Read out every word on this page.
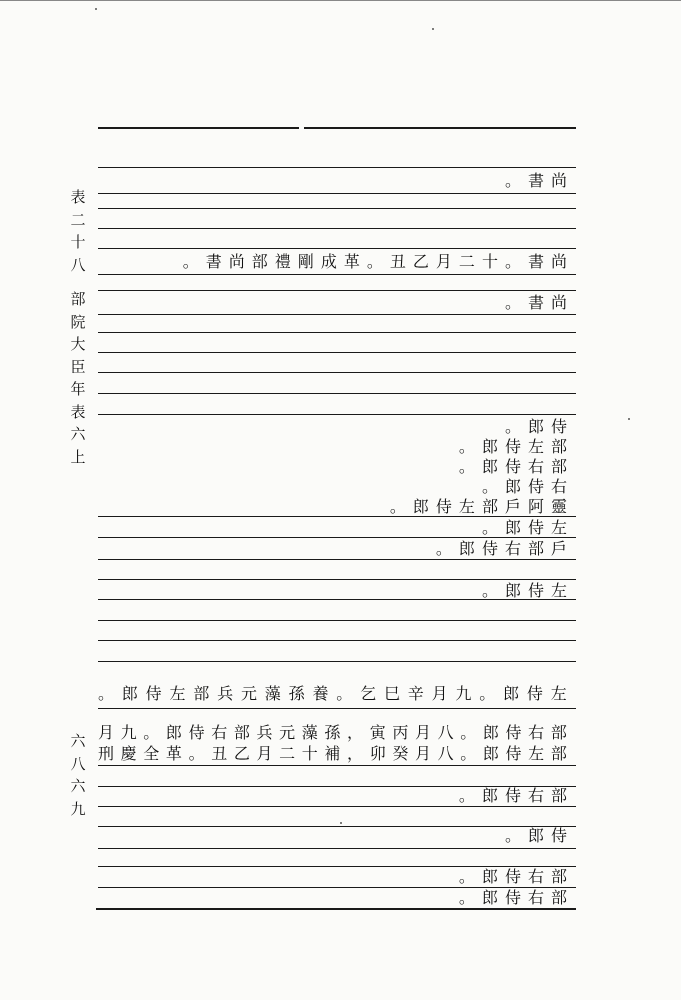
表二十八
部院大臣年表六上
六八六九
尚
書
。
尚
書
。
十
二
月
乙
丑
。
革
成
剛
禮
部
尚
書
。
尚
書
。
侍
郎
。
部
左
侍
郎
。
部
右
侍
郎
。
右
侍
郎
。
靈
阿
戶
部
左
侍
郎
。
左
侍
郎
。
戶
部
右
侍
郎
。
左
侍
郎
。
左
侍
郎
。
九
月
辛
巳
乞
。
養
孫
藻
元
兵
部
左
侍
郎
。
部
右
侍
郎
。
八
月
丙
寅
，
孫
藻
元
兵
部
右
侍
郎
。
九
月
部
左
侍
郎
。
八
月
癸
卯
，
補
十
二
月
乙
丑
。
革
全
慶
刑
部
右
侍
郎
。
侍
郎
。
部
右
侍
郎
。
部
右
侍
郎
。
